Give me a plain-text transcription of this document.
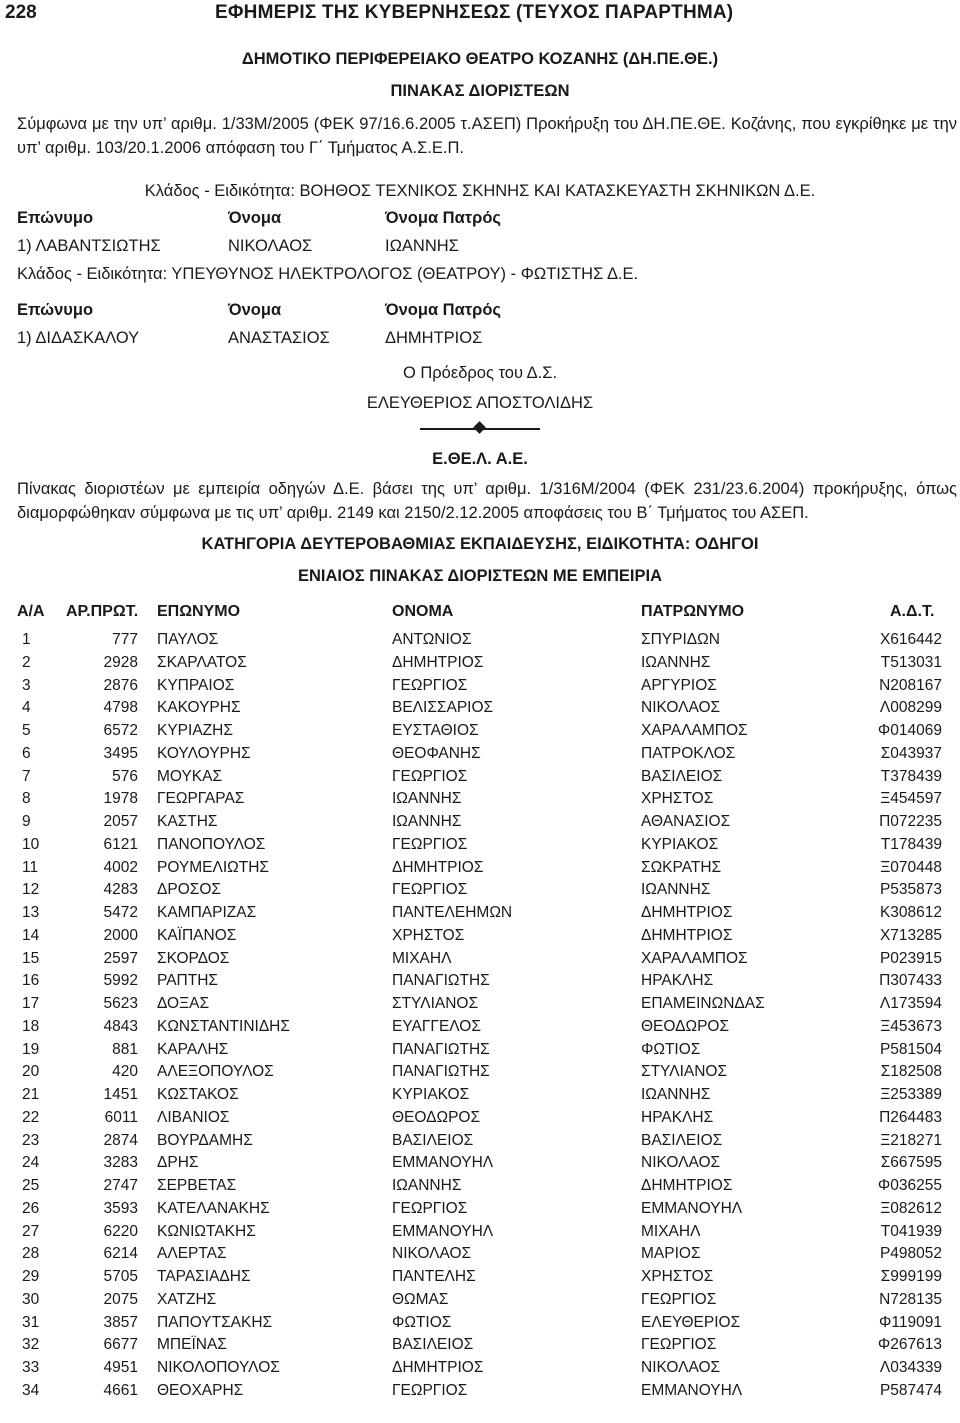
228	ΕΦΗΜΕΡΙΣ ΤΗΣ ΚΥΒΕΡΝΗΣΕΩΣ (ΤΕΥΧΟΣ ΠΑΡΑΡΤΗΜΑ)
ΔΗΜΟΤΙΚΟ ΠΕΡΙΦΕΡΕΙΑΚΟ ΘΕΑΤΡΟ ΚΟΖΑΝΗΣ (ΔΗ.ΠΕ.ΘΕ.)
ΠΙΝΑΚΑΣ ΔΙΟΡΙΣΤΕΩΝ
Σύμφωνα με την υπ’ αριθμ. 1/33Μ/2005 (ΦΕΚ 97/16.6.2005 τ.ΑΣΕΠ) Προκήρυξη του ΔΗ.ΠΕ.ΘΕ. Κοζάνης, που εγκρίθηκε με την υπ’ αριθμ. 103/20.1.2006 απόφαση του Γ΄ Τμήματος Α.Σ.Ε.Π.
Κλάδος - Ειδικότητα: ΒΟΗΘΟΣ ΤΕΧΝΙΚΟΣ ΣΚΗΝΗΣ ΚΑΙ ΚΑΤΑΣΚΕΥΑΣΤΗ ΣΚΗΝΙΚΩΝ Δ.Ε.
Επώνυμο	Όνομα	Όνομα Πατρός
1) ΛΑΒΑΝΤΣΙΩΤΗΣ	ΝΙΚΟΛΑΟΣ	ΙΩΑΝΝΗΣ
Κλάδος - Ειδικότητα: ΥΠΕΥΘΥΝΟΣ ΗΛΕΚΤΡΟΛΟΓΟΣ (ΘΕΑΤΡΟΥ) - ΦΩΤΙΣΤΗΣ Δ.Ε.
Επώνυμο	Όνομα	Όνομα Πατρός
1) ΔΙΔΑΣΚΑΛΟΥ	ΑΝΑΣΤΑΣΙΟΣ	ΔΗΜΗΤΡΙΟΣ
Ο Πρόεδρος του Δ.Σ.
ΕΛΕΥΘΕΡΙΟΣ ΑΠΟΣΤΟΛΙΔΗΣ
Ε.ΘΕ.Λ. Α.Ε.
Πίνακας διοριστέων με εμπειρία οδηγών Δ.Ε. βάσει της υπ’ αριθμ. 1/316Μ/2004 (ΦΕΚ 231/23.6.2004) προκήρυξης, όπως διαμορφώθηκαν σύμφωνα με τις υπ’ αριθμ. 2149 και 2150/2.12.2005 αποφάσεις του Β΄ Τμήματος του ΑΣΕΠ.
ΚΑΤΗΓΟΡΙΑ ΔΕΥΤΕΡΟΒΑΘΜΙΑΣ ΕΚΠΑΙΔΕΥΣΗΣ, ΕΙΔΙΚΟΤΗΤΑ: ΟΔΗΓΟΙ
ΕΝΙΑΙΟΣ ΠΙΝΑΚΑΣ ΔΙΟΡΙΣΤΕΩΝ ΜΕ ΕΜΠΕΙΡΙΑ
Α/Α ΑΡ.ΠΡΩΤ. ΕΠΩΝΥΜΟ	ΟΝΟΜΑ	ΠΑΤΡΩΝΥΜΟ	Α.Δ.Τ.
1	777 ΠΑΥΛΟΣ	ΑΝΤΩΝΙΟΣ	ΣΠΥΡΙΔΩΝ	Χ616442
2	2928 ΣΚΑΡΛΑΤΟΣ	ΔΗΜΗΤΡΙΟΣ	ΙΩΑΝΝΗΣ	Τ513031
3	2876 ΚΥΠΡΑΙΟΣ	ΓΕΩΡΓΙΟΣ	ΑΡΓΥΡΙΟΣ	Ν208167
4	4798 ΚΑΚΟΥΡΗΣ	ΒΕΛΙΣΣΑΡΙΟΣ	ΝΙΚΟΛΑΟΣ	Λ008299
5	6572 ΚΥΡΙΑΖΗΣ	ΕΥΣΤΑΘΙΟΣ	ΧΑΡΑΛΑΜΠΟΣ	Φ014069
6	3495 ΚΟΥΛΟΥΡΗΣ	ΘΕΟΦΑΝΗΣ	ΠΑΤΡΟΚΛΟΣ	Σ043937
7	576 ΜΟΥΚΑΣ	ΓΕΩΡΓΙΟΣ	ΒΑΣΙΛΕΙΟΣ	Τ378439
8	1978 ΓΕΩΡΓΑΡΑΣ	ΙΩΑΝΝΗΣ	ΧΡΗΣΤΟΣ	Ξ454597
9	2057 ΚΑΣΤΗΣ	ΙΩΑΝΝΗΣ	ΑΘΑΝΑΣΙΟΣ	Π072235
10	6121 ΠΑΝΟΠΟΥΛΟΣ	ΓΕΩΡΓΙΟΣ	ΚΥΡΙΑΚΟΣ	Τ178439
11	4002 ΡΟΥΜΕΛΙΩΤΗΣ	ΔΗΜΗΤΡΙΟΣ	ΣΩΚΡΑΤΗΣ	Ξ070448
12	4283 ΔΡΟΣΟΣ	ΓΕΩΡΓΙΟΣ	ΙΩΑΝΝΗΣ	Ρ535873
13	5472 ΚΑΜΠΑΡΙΖΑΣ	ΠΑΝΤΕΛΕΗΜΩΝ	ΔΗΜΗΤΡΙΟΣ	Κ308612
14	2000 ΚΑΪΠΑΝΟΣ	ΧΡΗΣΤΟΣ	ΔΗΜΗΤΡΙΟΣ	Χ713285
15	2597 ΣΚΟΡΔΟΣ	ΜΙΧΑΗΛ	ΧΑΡΑΛΑΜΠΟΣ	Ρ023915
16	5992 ΡΑΠΤΗΣ	ΠΑΝΑΓΙΩΤΗΣ	ΗΡΑΚΛΗΣ	Π307433
17	5623 ΔΟΞΑΣ	ΣΤΥΛΙΑΝΟΣ	ΕΠΑΜΕΙΝΩΝΔΑΣ	Λ173594
18	4843 ΚΩΝΣΤΑΝΤΙΝΙΔΗΣ	ΕΥΑΓΓΕΛΟΣ	ΘΕΟΔΩΡΟΣ	Ξ453673
19	881 ΚΑΡΑΛΗΣ	ΠΑΝΑΓΙΩΤΗΣ	ΦΩΤΙΟΣ	Ρ581504
20	420 ΑΛΕΞΟΠΟΥΛΟΣ	ΠΑΝΑΓΙΩΤΗΣ	ΣΤΥΛΙΑΝΟΣ	Σ182508
21	1451 ΚΩΣΤΑΚΟΣ	ΚΥΡΙΑΚΟΣ	ΙΩΑΝΝΗΣ	Ξ253389
22	6011 ΛΙΒΑΝΙΟΣ	ΘΕΟΔΩΡΟΣ	ΗΡΑΚΛΗΣ	Π264483
23	2874 ΒΟΥΡΔΑΜΗΣ	ΒΑΣΙΛΕΙΟΣ	ΒΑΣΙΛΕΙΟΣ	Ξ218271
24	3283 ΔΡΗΣ	ΕΜΜΑΝΟΥΗΛ	ΝΙΚΟΛΑΟΣ	Σ667595
25	2747 ΣΕΡΒΕΤΑΣ	ΙΩΑΝΝΗΣ	ΔΗΜΗΤΡΙΟΣ	Φ036255
26	3593 ΚΑΤΕΛΑΝΑΚΗΣ	ΓΕΩΡΓΙΟΣ	ΕΜΜΑΝΟΥΗΛ	Ξ082612
27	6220 ΚΩΝΙΩΤΑΚΗΣ	ΕΜΜΑΝΟΥΗΛ	ΜΙΧΑΗΛ	Τ041939
28	6214 ΑΛΕΡΤΑΣ	ΝΙΚΟΛΑΟΣ	ΜΑΡΙΟΣ	Ρ498052
29	5705 ΤΑΡΑΣΙΑΔΗΣ	ΠΑΝΤΕΛΗΣ	ΧΡΗΣΤΟΣ	Σ999199
30	2075 ΧΑΤΖΗΣ	ΘΩΜΑΣ	ΓΕΩΡΓΙΟΣ	Ν728135
31	3857 ΠΑΠΟΥΤΣΑΚΗΣ	ΦΩΤΙΟΣ	ΕΛΕΥΘΕΡΙΟΣ	Φ119091
32	6677 ΜΠΕΪΝΑΣ	ΒΑΣΙΛΕΙΟΣ	ΓΕΩΡΓΙΟΣ	Φ267613
33	4951 ΝΙΚΟΛΟΠΟΥΛΟΣ	ΔΗΜΗΤΡΙΟΣ	ΝΙΚΟΛΑΟΣ	Λ034339
34	4661 ΘΕΟΧΑΡΗΣ	ΓΕΩΡΓΙΟΣ	ΕΜΜΑΝΟΥΗΛ	Ρ587474
